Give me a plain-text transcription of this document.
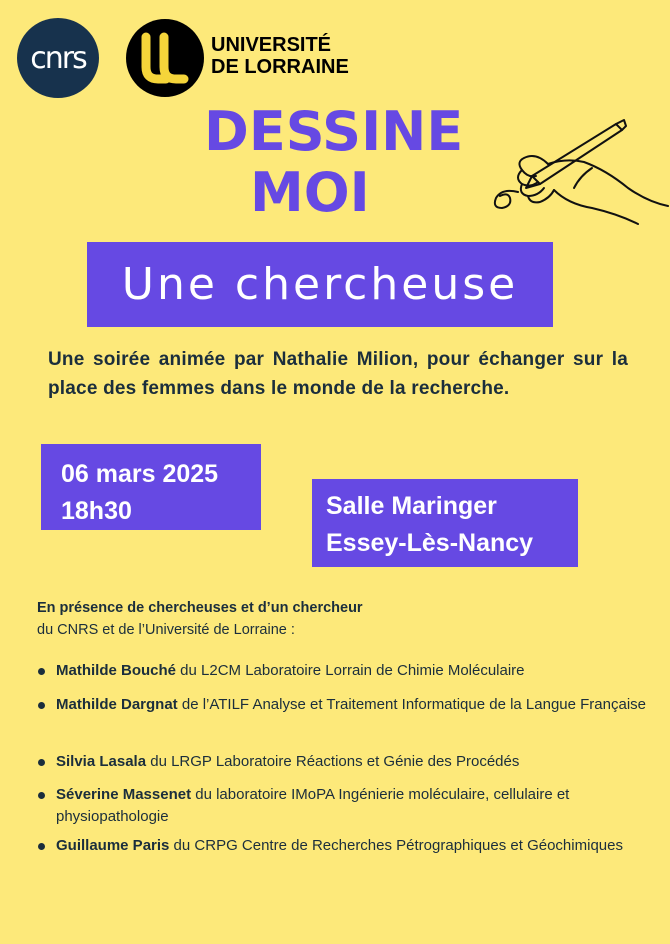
cnrs	UNIVERSITÉ
DE LORRAINE
DESSINE
MOI
Une chercheuse
Une soirée animée par Nathalie Milion, pour échanger sur la place des femmes dans le monde de la recherche.
06 mars 2025
18h30	Salle Maringer
Essey-Lès-Nancy
En présence de chercheuses et d’un chercheur
du CNRS et de l’Université de Lorraine :
Mathilde Bouché du L2CM Laboratoire Lorrain de Chimie Moléculaire
Mathilde Dargnat de l’ATILF Analyse et Traitement Informatique de la Langue Française
Silvia Lasala du LRGP Laboratoire Réactions et Génie des Procédés
Séverine Massenet du laboratoire IMoPA Ingénierie moléculaire, cellulaire et physiopathologie
Guillaume Paris du CRPG Centre de Recherches Pétrographiques et Géochimiques
